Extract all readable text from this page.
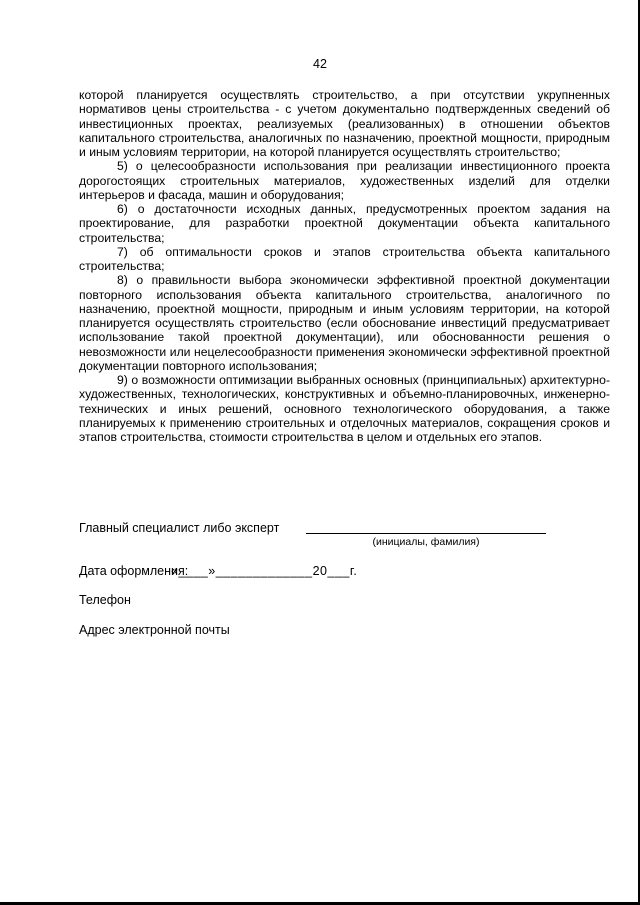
42

которой планируется осуществлять строительство, а при отсутствии укрупненных нормативов цены строительства - с учетом документально подтвержденных сведений об инвестиционных проектах, реализуемых (реализованных) в отношении объектов капитального строительства, аналогичных по назначению, проектной мощности, природным и иным условиям территории, на которой планируется осуществлять строительство;

5) о целесообразности использования при реализации инвестиционного проекта дорогостоящих строительных материалов, художественных изделий для отделки интерьеров и фасада, машин и оборудования;

6) о достаточности исходных данных, предусмотренных проектом задания на проектирование, для разработки проектной документации объекта капитального строительства;

7) об оптимальности сроков и этапов строительства объекта капитального строительства;

8) о правильности выбора экономически эффективной проектной документации повторного использования объекта капитального строительства, аналогичного по назначению, проектной мощности, природным и иным условиям территории, на которой планируется осуществлять строительство (если обоснование инвестиций предусматривает использование такой проектной документации), или обоснованности решения о невозможности или нецелесообразности применения экономически эффективной проектной документации повторного использования;

9) о возможности оптимизации выбранных основных (принципиальных) архитектурно-художественных, технологических, конструктивных и объемно-планировочных, инженерно-технических и иных решений, основного технологического оборудования, а также планируемых к применению строительных и отделочных материалов, сокращения сроков и этапов строительства, стоимости строительства в целом и отдельных его этапов.

Главный специалист либо эксперт
(инициалы, фамилия)
Дата оформления:
«____»_____________20___г.
Телефон
Адрес электронной почты
